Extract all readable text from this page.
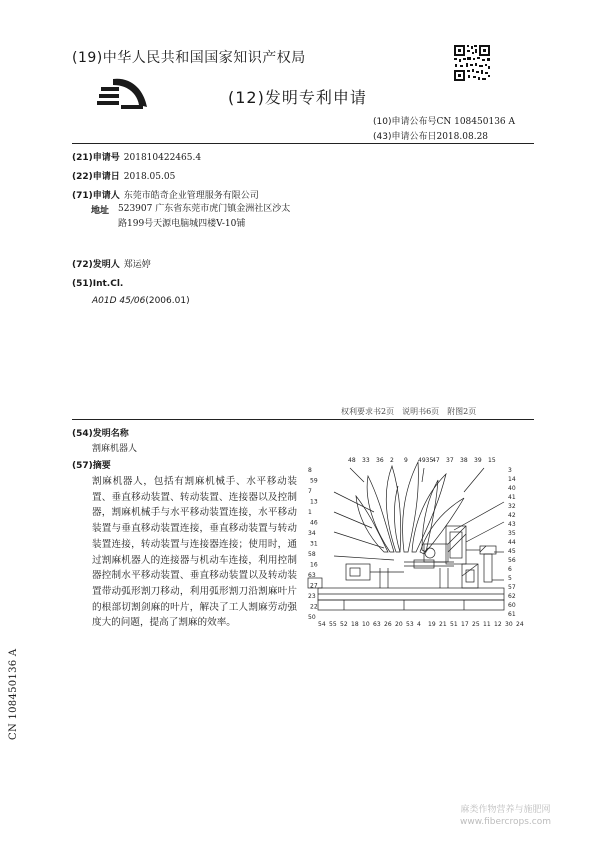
(19)中华人民共和国国家知识产权局
(12)发明专利申请
(10)申请公布号CN 108450136 A
(43)申请公布日2018.08.28
(21)申请号 201810422465.4
(22)申请日 2018.05.05
(71)申请人 东莞市皓奇企业管理服务有限公司
地址 523907 广东省东莞市虎门镇金洲社区沙太路199号天源电脑城四楼V-10铺
(72)发明人 郑运婷
(51)Int.Cl.
A01D 45/06(2006.01)
权利要求书2页 说明书6页 附图2页
(54)发明名称
割麻机器人
(57)摘要
割麻机器人，包括有割麻机械手、水平移动装置、垂直移动装置、转动装置、连接器以及控制器，割麻机械手与水平移动装置连接，水平移动装置与垂直移动装置连接，垂直移动装置与转动装置连接，转动装置与连接器连接；使用时，通过割麻机器人的连接器与机动车连接，利用控制器控制水平移动装置、垂直移动装置以及转动装置带动弧形割刀移动，利用弧形割刀沿割麻叶片的根部切割剑麻的叶片，解决了工人割麻劳动强度大的问题，提高了割麻的效率。
48 33 36 2 9 4935
47 37 38 39 15
8
59
7
13
1
46
34
31
58
16
63
27
23
22
50
3
14
40
41
32
42
43
35
44
45
56
6
5
57
62
60
61
54 55 52 18 10 63 26 20 53 4 19 21 51 17 25 11 12 30 24
CN 108450136 A
麻类作物营养与施肥网
www.fibercrops.com
